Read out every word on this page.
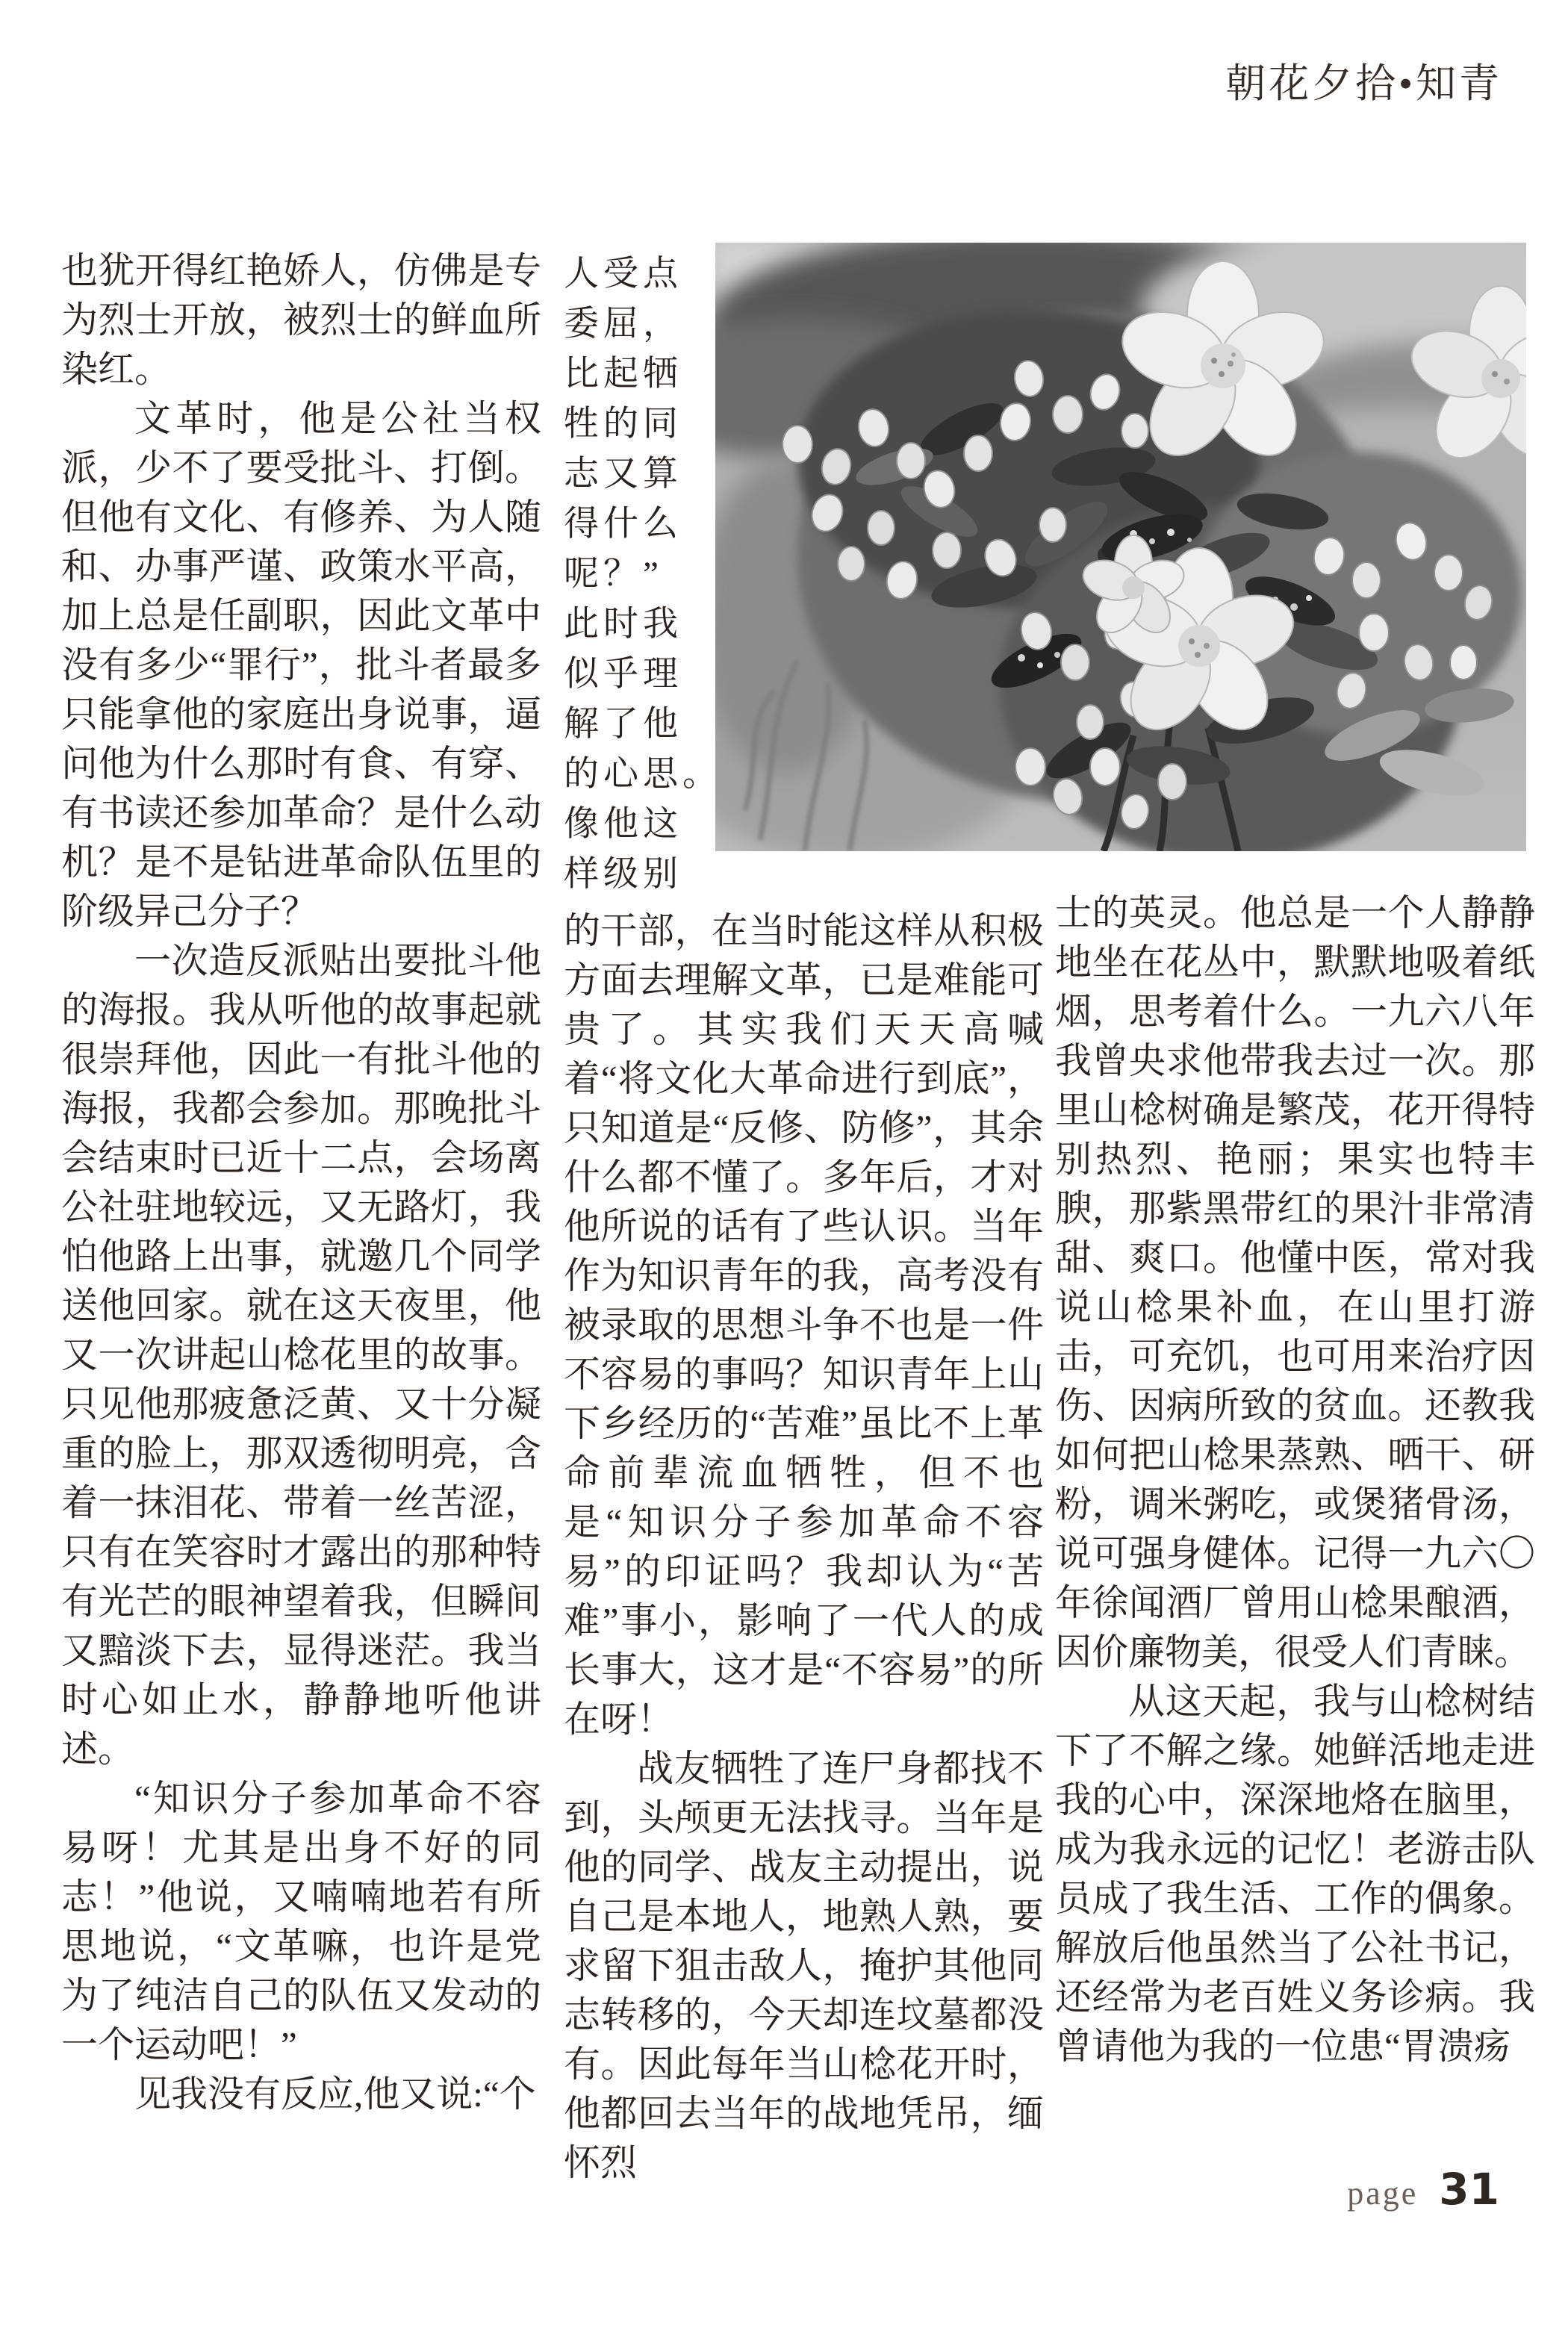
朝花夕拾•知青

也犹开得红艳娇人，仿佛是专为烈士开放，被烈士的鲜血所染红。

文革时，他是公社当权派，少不了要受批斗、打倒。但他有文化、有修养、为人随和、办事严谨、政策水平高，加上总是任副职，因此文革中没有多少“罪行”，批斗者最多只能拿他的家庭出身说事，逼问他为什么那时有食、有穿、有书读还参加革命？是什么动机？是不是钻进革命队伍里的阶级异己分子？

一次造反派贴出要批斗他的海报。我从听他的故事起就很崇拜他，因此一有批斗他的海报，我都会参加。那晚批斗会结束时已近十二点，会场离公社驻地较远，又无路灯，我怕他路上出事，就邀几个同学送他回家。就在这天夜里，他又一次讲起山棯花里的故事。只见他那疲惫泛黄、又十分凝重的脸上，那双透彻明亮，含着一抹泪花、带着一丝苦涩，只有在笑容时才露出的那种特有光芒的眼神望着我，但瞬间又黯淡下去，显得迷茫。我当时心如止水，静静地听他讲述。

“知识分子参加革命不容易呀！尤其是出身不好的同志！”他说，又喃喃地若有所思地说，“文革嘛，也许是党为了纯洁自己的队伍又发动的一个运动吧！”

见我没有反应,他又说:“个

人受点
委屈，
比起牺
牲的同
志又算
得什么
呢？”
此时我
似乎理
解了他
的心思。
像他这
样级别

的干部，在当时能这样从积极方面去理解文革，已是难能可贵了。其实我们天天高喊着“将文化大革命进行到底”，只知道是“反修、防修”，其余什么都不懂了。多年后，才对他所说的话有了些认识。当年作为知识青年的我，高考没有被录取的思想斗争不也是一件不容易的事吗？知识青年上山下乡经历的“苦难”虽比不上革命前辈流血牺牲，但不也是“知识分子参加革命不容易”的印证吗？我却认为“苦难”事小，影响了一代人的成长事大，这才是“不容易”的所在呀！

战友牺牲了连尸身都找不到，头颅更无法找寻。当年是他的同学、战友主动提出，说自己是本地人，地熟人熟，要求留下狙击敌人，掩护其他同志转移的，今天却连坟墓都没有。因此每年当山棯花开时，他都回去当年的战地凭吊，缅怀烈

士的英灵。他总是一个人静静地坐在花丛中，默默地吸着纸烟，思考着什么。一九六八年我曾央求他带我去过一次。那里山棯树确是繁茂，花开得特别热烈、艳丽；果实也特丰腴，那紫黑带红的果汁非常清甜、爽口。他懂中医，常对我说山棯果补血，在山里打游击，可充饥，也可用来治疗因伤、因病所致的贫血。还教我如何把山棯果蒸熟、晒干、研粉，调米粥吃，或煲猪骨汤，说可强身健体。记得一九六〇年徐闻酒厂曾用山棯果酿酒，因价廉物美，很受人们青睐。

从这天起，我与山棯树结下了不解之缘。她鲜活地走进我的心中，深深地烙在脑里，成为我永远的记忆！老游击队员成了我生活、工作的偶象。解放后他虽然当了公社书记，还经常为老百姓义务诊病。我曾请他为我的一位患“胃溃疡

page 31
